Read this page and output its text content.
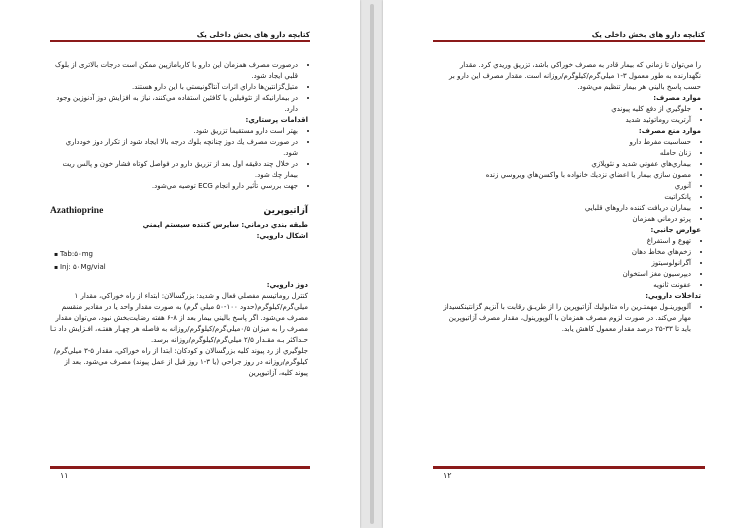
کتابچه دارو های بخش داخلی یک
• درصورت مصرف همزمان این دارو با کاربامازپین ممکن است درجات بالاتری از بلوک قلبي ايجاد شود.
• متيل‌گزانتين‌ها داراي اثرات آنتاگونيستي با اين دارو هستند.
• در بيمارانيكه از تئوفيلين يا كافئين استفاده مي‌كنند، نياز به افزايش دوز آدنوزين وجود دارد.
اقدامات پرستاري:
• بهتر است دارو مستقيما تزريق شود.
• در صورت مصرف يك دوز چنانچه بلوك درجه بالا ايجاد شود از تكرار دوز خودداري شود.
• در خلال چند دقيقه اول بعد از تزريق دارو در فواصل كوتاه فشار خون و پالس ريت بيمار چك شود.
• جهت بررسي تأثير دارو انجام ECG توصيه مي‌شود.
آزاتيوپرين
Azathioprine
طبقه بندي درماني: سايرس كننده سيستم ايمني
اشكال دارويي:
▪ Tab:۵۰mg
▪ Inj: ۵۰Mg/vial
دوز دارويي:

كنترل روماتيسم مفصلي فعال و شديد: بزرگسالان: ابتداء از راه خوراكي، مقدار ۱ ميلي‌گرم/كيلوگرم(حدود ۱۰۰-۵۰ ميلي گرم) به صورت مقدار واحد يا در مقادير منقسم مصرف مي‌شود. اگر پاسخ باليني بيمار بعد از ۸-۶ هفته رضايت‌بخش نبود، مي‌توان مقدار مصرف را به ميزان ۰/۵ميلي‌گرم/كيلوگرم/روزانه به فاصله هر چهـار هفتـه، افـزايش داد تـا حـداكثر بـه مقـدار ۲/۵ ميلي‌گرم/كيلوگرم/روزانه برسد.

جلوگيري از رد پيوند كليه بزرگسالان و كودكان: ابتدا از راه خوراكي، مقدار ۵-۳ ميلي‌گرم/كيلوگرم/روزانه در روز جراحي (يا ۳-۱ روز قبل از عمل پيوند) مصرف مي‌شود. بعد از پيوند كليه، آزاتيوپرين

۱۱
کتابچه دارو های بخش داخلی یک

را مي‌توان تا زماني كه بيمار قادر به مصرف خوراكي باشد، تزريق وريدي كرد. مقدار نگهدارنده به طور معمول ۳-۱ ميلي‌گرم/كيلوگرم/روزانه است. مقدار مصرف اين دارو بر حسب پاسخ باليني هر بيمار تنظيم مي‌شود.

موارد مصرف:
• جلوگيري از دفع كليه پيوندي
• آرتريت روماتوئيد شديد
موارد منع مصرف:
• حساسيت مفرط دارو
• زنان حامله
• بيماري‌هاي عفوني شديد و نئوپلازي
• مصون سازي بيمار يا اعضاي نزديك خانواده با واكسن‌هاي ويروسي زنده
• آنوري
• پانكراتيت
• بيماران دريافت كننده داروهاي قلبايي
• پرتو درماني همزمان
عوارض جانبي:
• تهوع و استفراغ
• زخم‌هاي مخاط دهان
• آگرانولوسيتوز
• ديپرسيون مغز استخوان
• عفونت ثانويه
تداخلات دارويي:
• آلوپورينـول مهمتـرين راه متابوليك آزاتيوپرين را از طريـق رقابت با آنزيم گزانتينكسيداز مهار مي‌كند. در صورت لزوم مصرف همزمان با آلوپورينول، مقدار مصرف آزاتيوپرين بايد تا ۳۳-۲۵ درصد مقدار معمول كاهش يابد.
۱۲
